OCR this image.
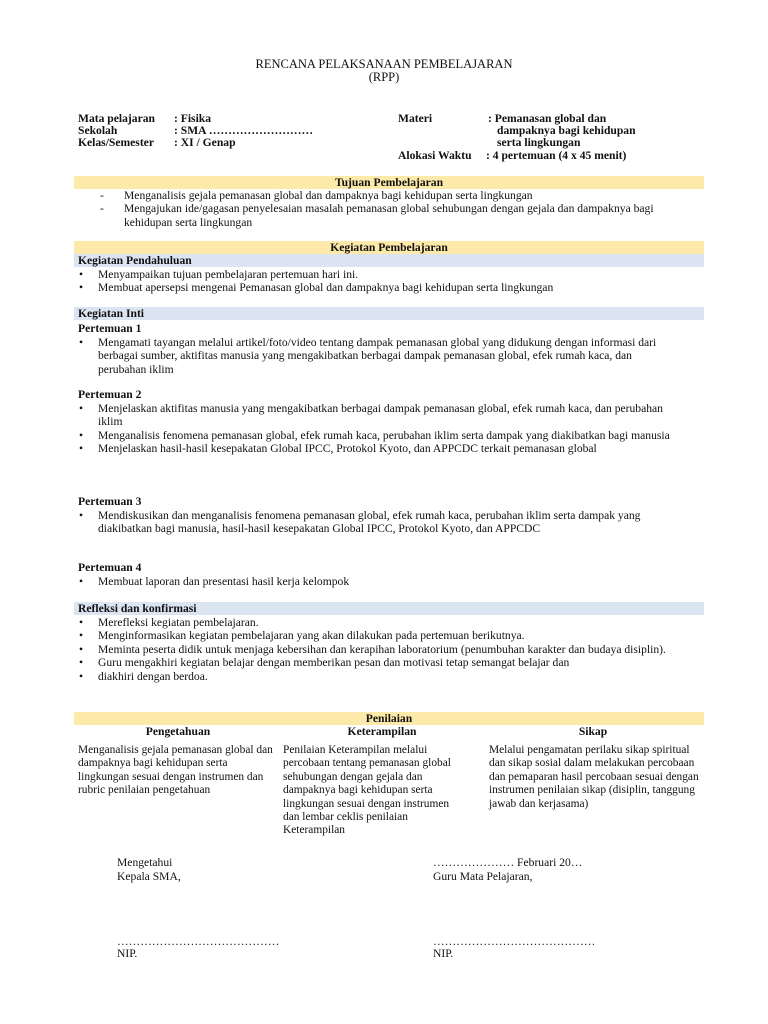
RENCANA PELAKSANAAN PEMBELAJARAN
(RPP)
Mata pelajaran : Fisika
Sekolah	: SMA ………………………
Kelas/Semester : XI / Genap
Materi	: Pemanasan global dan
dampaknya bagi kehidupan
serta lingkungan
Alokasi Waktu : 4 pertemuan (4 x 45 menit)
Tujuan Pembelajaran
- Menganalisis gejala pemanasan global dan dampaknya bagi kehidupan serta lingkungan
- Mengajukan ide/gagasan penyelesaian masalah pemanasan global sehubungan dengan gejala dan dampaknya bagi kehidupan serta lingkungan
Kegiatan Pembelajaran
Kegiatan Pendahuluan
• Menyampaikan tujuan pembelajaran pertemuan hari ini.
• Membuat apersepsi mengenai Pemanasan global dan dampaknya bagi kehidupan serta lingkungan
Kegiatan Inti
Pertemuan 1
• Mengamati tayangan melalui artikel/foto/video tentang dampak pemanasan global yang didukung dengan informasi dari berbagai sumber, aktifitas manusia yang mengakibatkan berbagai dampak pemanasan global, efek rumah kaca, dan perubahan iklim
Pertemuan 2
• Menjelaskan aktifitas manusia yang mengakibatkan berbagai dampak pemanasan global, efek rumah kaca, dan perubahan iklim
• Menganalisis fenomena pemanasan global, efek rumah kaca, perubahan iklim serta dampak yang diakibatkan bagi manusia
• Menjelaskan hasil-hasil kesepakatan Global IPCC, Protokol Kyoto, dan APPCDC terkait pemanasan global
Pertemuan 3
• Mendiskusikan dan menganalisis fenomena pemanasan global, efek rumah kaca, perubahan iklim serta dampak yang diakibatkan bagi manusia, hasil-hasil kesepakatan Global IPCC, Protokol Kyoto, dan APPCDC
Pertemuan 4
• Membuat laporan dan presentasi hasil kerja kelompok
Refleksi dan konfirmasi
• Merefleksi kegiatan pembelajaran.
• Menginformasikan kegiatan pembelajaran yang akan dilakukan pada pertemuan berikutnya.
• Meminta peserta didik untuk menjaga kebersihan dan kerapihan laboratorium (penumbuhan karakter dan budaya disiplin).
• Guru mengakhiri kegiatan belajar dengan memberikan pesan dan motivasi tetap semangat belajar dan
• diakhiri dengan berdoa.
Penilaian
Pengetahuan	Keterampilan	Sikap
Menganalisis gejala pemanasan global dan dampaknya bagi kehidupan serta lingkungan sesuai dengan instrumen dan rubric penilaian pengetahuan
Penilaian Keterampilan melalui percobaan tentang pemanasan global sehubungan dengan gejala dan dampaknya bagi kehidupan serta lingkungan sesuai dengan instrumen dan lembar ceklis penilaian Keterampilan
Melalui pengamatan perilaku sikap spiritual dan sikap sosial dalam melakukan percobaan dan pemaparan hasil percobaan sesuai dengan instrumen penilaian sikap (disiplin, tanggung jawab dan kerjasama)
Mengetahui
Kepala SMA,
……………………………………
NIP.
………………… Februari 20…
Guru Mata Pelajaran,
……………………………………
NIP.
